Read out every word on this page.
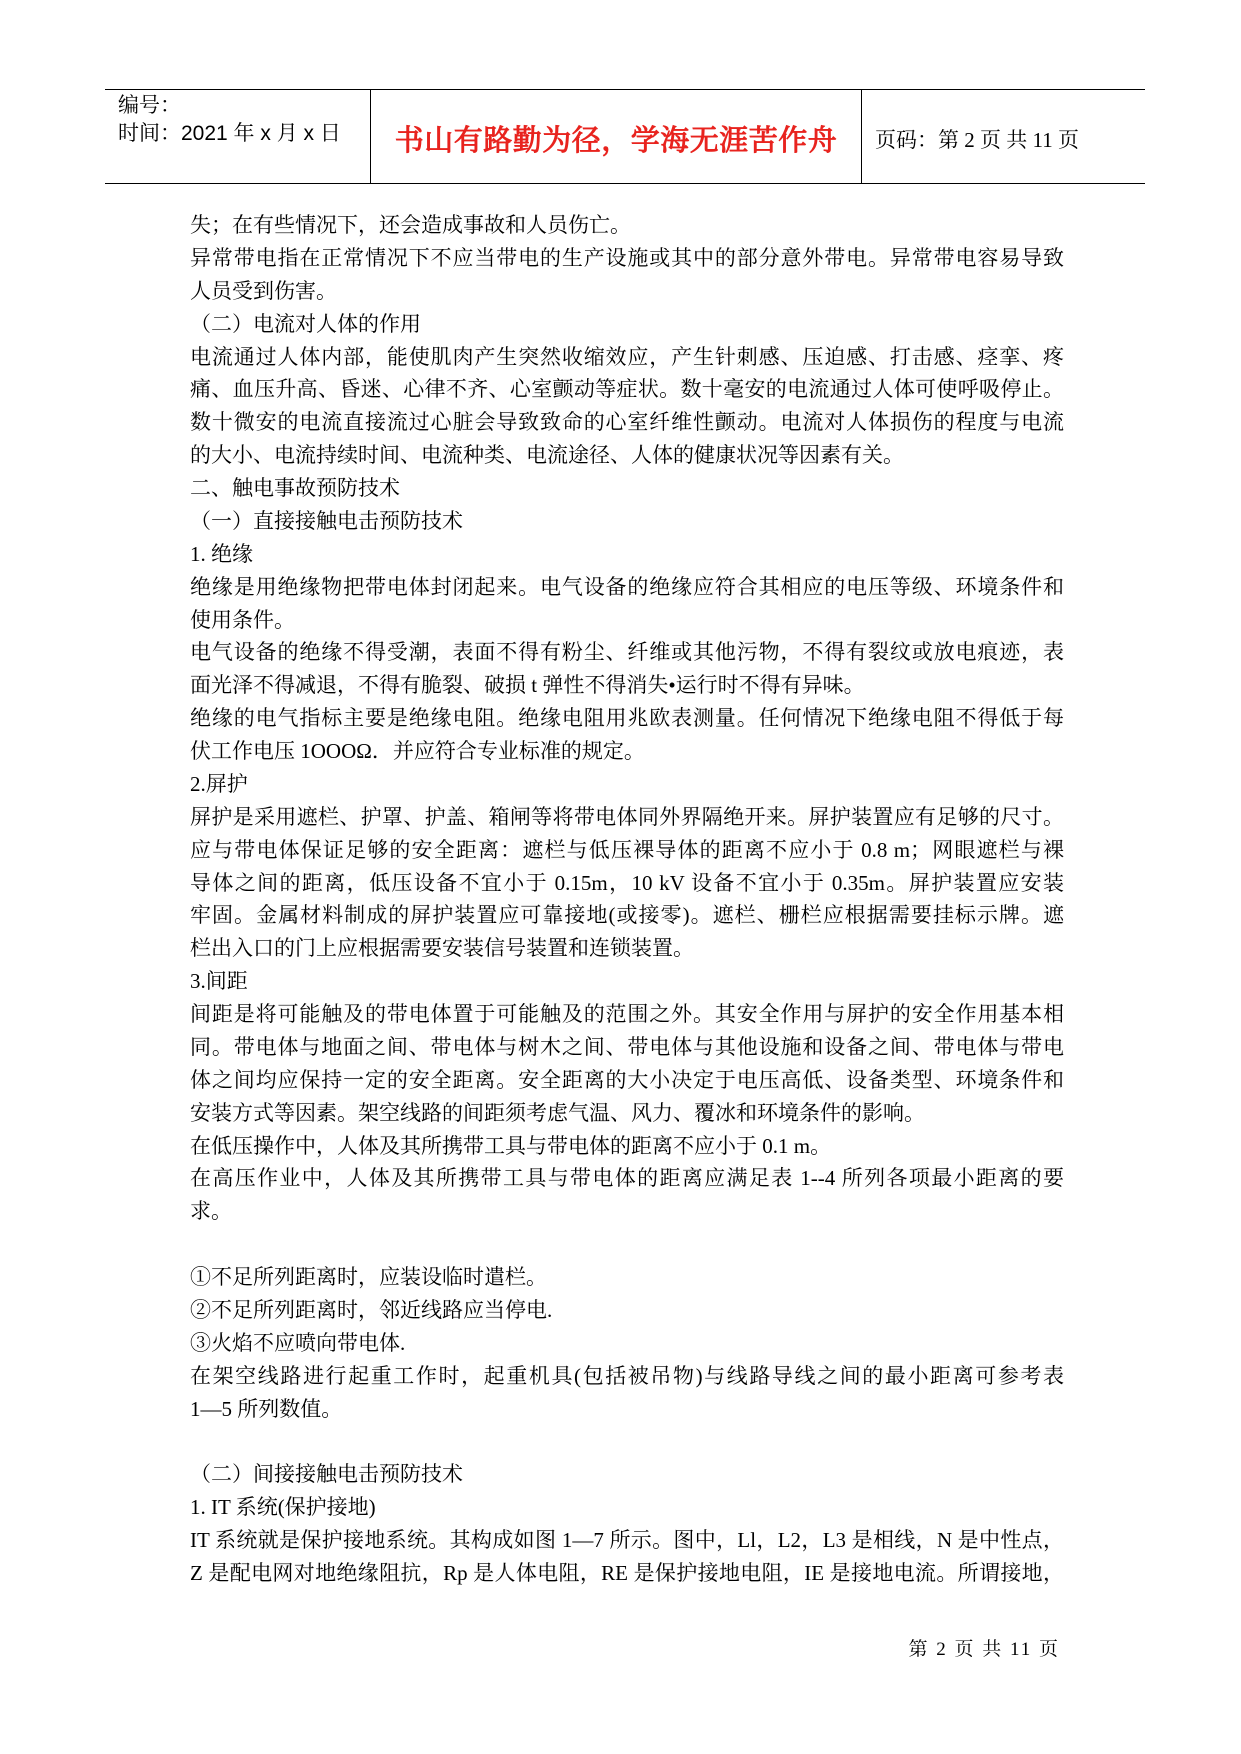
编号：
时间：2021 年 x 月 x 日	书山有路勤为径，学海无涯苦作舟 页码：第 2 页 共 11 页
失；在有些情况下，还会造成事故和人员伤亡。
异常带电指在正常情况下不应当带电的生产设施或其中的部分意外带电。异常带电容易导致
人员受到伤害。
（二）电流对人体的作用
电流通过人体内部，能使肌肉产生突然收缩效应，产生针刺感、压迫感、打击感、痉挛、疼
痛、血压升高、昏迷、心律不齐、心室颤动等症状。数十毫安的电流通过人体可使呼吸停止。
数十微安的电流直接流过心脏会导致致命的心室纤维性颤动。电流对人体损伤的程度与电流
的大小、电流持续时间、电流种类、电流途径、人体的健康状况等因素有关。
二、触电事故预防技术
（一）直接接触电击预防技术
1. 绝缘
绝缘是用绝缘物把带电体封闭起来。电气设备的绝缘应符合其相应的电压等级、环境条件和
使用条件。
电气设备的绝缘不得受潮，表面不得有粉尘、纤维或其他污物，不得有裂纹或放电痕迹，表
面光泽不得减退，不得有脆裂、破损 t 弹性不得消失•运行时不得有异味。
绝缘的电气指标主要是绝缘电阻。绝缘电阻用兆欧表测量。任何情况下绝缘电阻不得低于每
伏工作电压 1OOOΩ．并应符合专业标准的规定。
2.屏护
屏护是采用遮栏、护罩、护盖、箱闸等将带电体同外界隔绝开来。屏护装置应有足够的尺寸。
应与带电体保证足够的安全距离：遮栏与低压裸导体的距离不应小于 0.8 m；网眼遮栏与裸
导体之间的距离，低压设备不宜小于 0.15m，10 kV 设备不宜小于 0.35m。屏护装置应安装
牢固。金属材料制成的屏护装置应可靠接地(或接零)。遮栏、栅栏应根据需要挂标示牌。遮
栏出入口的门上应根据需要安装信号装置和连锁装置。
3.间距
间距是将可能触及的带电体置于可能触及的范围之外。其安全作用与屏护的安全作用基本相
同。带电体与地面之间、带电体与树木之间、带电体与其他设施和设备之间、带电体与带电
体之间均应保持一定的安全距离。安全距离的大小决定于电压高低、设备类型、环境条件和
安装方式等因素。架空线路的间距须考虑气温、风力、覆冰和环境条件的影响。
在低压操作中，人体及其所携带工具与带电体的距离不应小于 0.1 m。
在高压作业中，人体及其所携带工具与带电体的距离应满足表 1--4 所列各项最小距离的要
求。
①不足所列距离时，应装设临时遣栏。
②不足所列距离时，邻近线路应当停电.
③火焰不应喷向带电体.
在架空线路进行起重工作时，起重机具(包括被吊物)与线路导线之间的最小距离可参考表
1—5 所列数值。
（二）间接接触电击预防技术
1. IT 系统(保护接地)
IT 系统就是保护接地系统。其构成如图 1—7 所示。图中，Ll，L2，L3 是相线，N 是中性点，
Z 是配电网对地绝缘阻抗，Rp 是人体电阻，RE 是保护接地电阻，IE 是接地电流。所谓接地，
第 2 页 共 11 页
